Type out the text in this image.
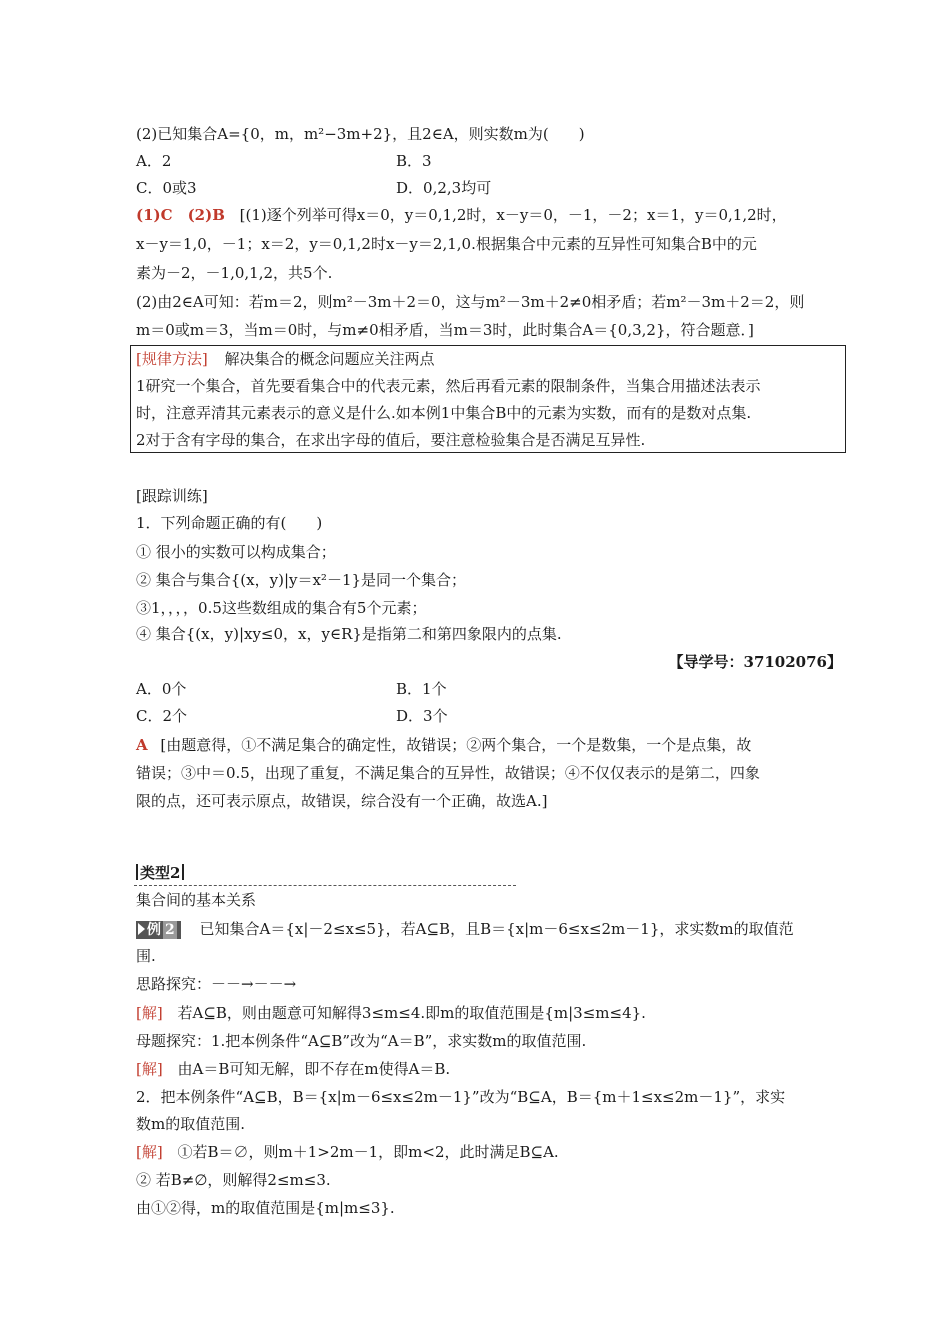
(2)已知集合A={0，m，m²−3m+2}，且2∈A，则实数m为(　　)
A．2	B．3
C．0或3	D．0,2,3均可
(1)C　(2)B [(1)逐个列举可得x＝0，y＝0,1,2时，x－y＝0，－1，－2；x＝1，y＝0,1,2时，
x－y＝1,0，－1；x＝2，y＝0,1,2时x－y＝2,1,0.根据集合中元素的互异性可知集合B中的元
素为－2，－1,0,1,2，共5个.
(2)由2∈A可知：若m＝2，则m²－3m＋2＝0，这与m²－3m＋2≠0相矛盾；若m²－3m＋2＝2，则
m＝0或m＝3，当m＝0时，与m≠0相矛盾，当m＝3时，此时集合A＝{0,3,2}，符合题意．]
[规律方法] 解决集合的概念问题应关注两点
1研究一个集合，首先要看集合中的代表元素，然后再看元素的限制条件，当集合用描述法表示
时，注意弄清其元素表示的意义是什么.如本例1中集合B中的元素为实数，而有的是数对点集.
2对于含有字母的集合，在求出字母的值后，要注意检验集合是否满足互异性.
[跟踪训练]
1．下列命题正确的有(　　)
① 很小的实数可以构成集合；
② 集合与集合{(x，y)|y＝x²－1}是同一个集合；
③1，，，，0.5这些数组成的集合有5个元素；
④ 集合{(x，y)|xy≤0，x，y∈R}是指第二和第四象限内的点集.
【导学号：37102076】
A．0个	B．1个
C．2个	D．3个
A [由题意得，①不满足集合的确定性，故错误；②两个集合，一个是数集，一个是点集，故
错误；③中＝0.5，出现了重复，不满足集合的互异性，故错误；④不仅仅表示的是第二，四象
限的点，还可表示原点，故错误，综合没有一个正确，故选A.]
类型2
集合间的基本关系
例 2 已知集合A＝{x|－2≤x≤5}，若A⊆B，且B＝{x|m－6≤x≤2m－1}，求实数m的取值范
围.
思路探究：－－→－－→
[解] 若A⊆B，则由题意可知解得3≤m≤4.即m的取值范围是{m|3≤m≤4}.
母题探究：1.把本例条件“A⊆B”改为“A＝B”，求实数m的取值范围.
[解] 由A＝B可知无解，即不存在m使得A＝B.
2．把本例条件“A⊆B，B＝{x|m－6≤x≤2m－1}”改为“B⊆A，B＝{m＋1≤x≤2m－1}”，求实
数m的取值范围.
[解] ①若B＝∅，则m＋1>2m－1，即m<2，此时满足B⊆A.
② 若B≠∅，则解得2≤m≤3.
由①②得，m的取值范围是{m|m≤3}.
